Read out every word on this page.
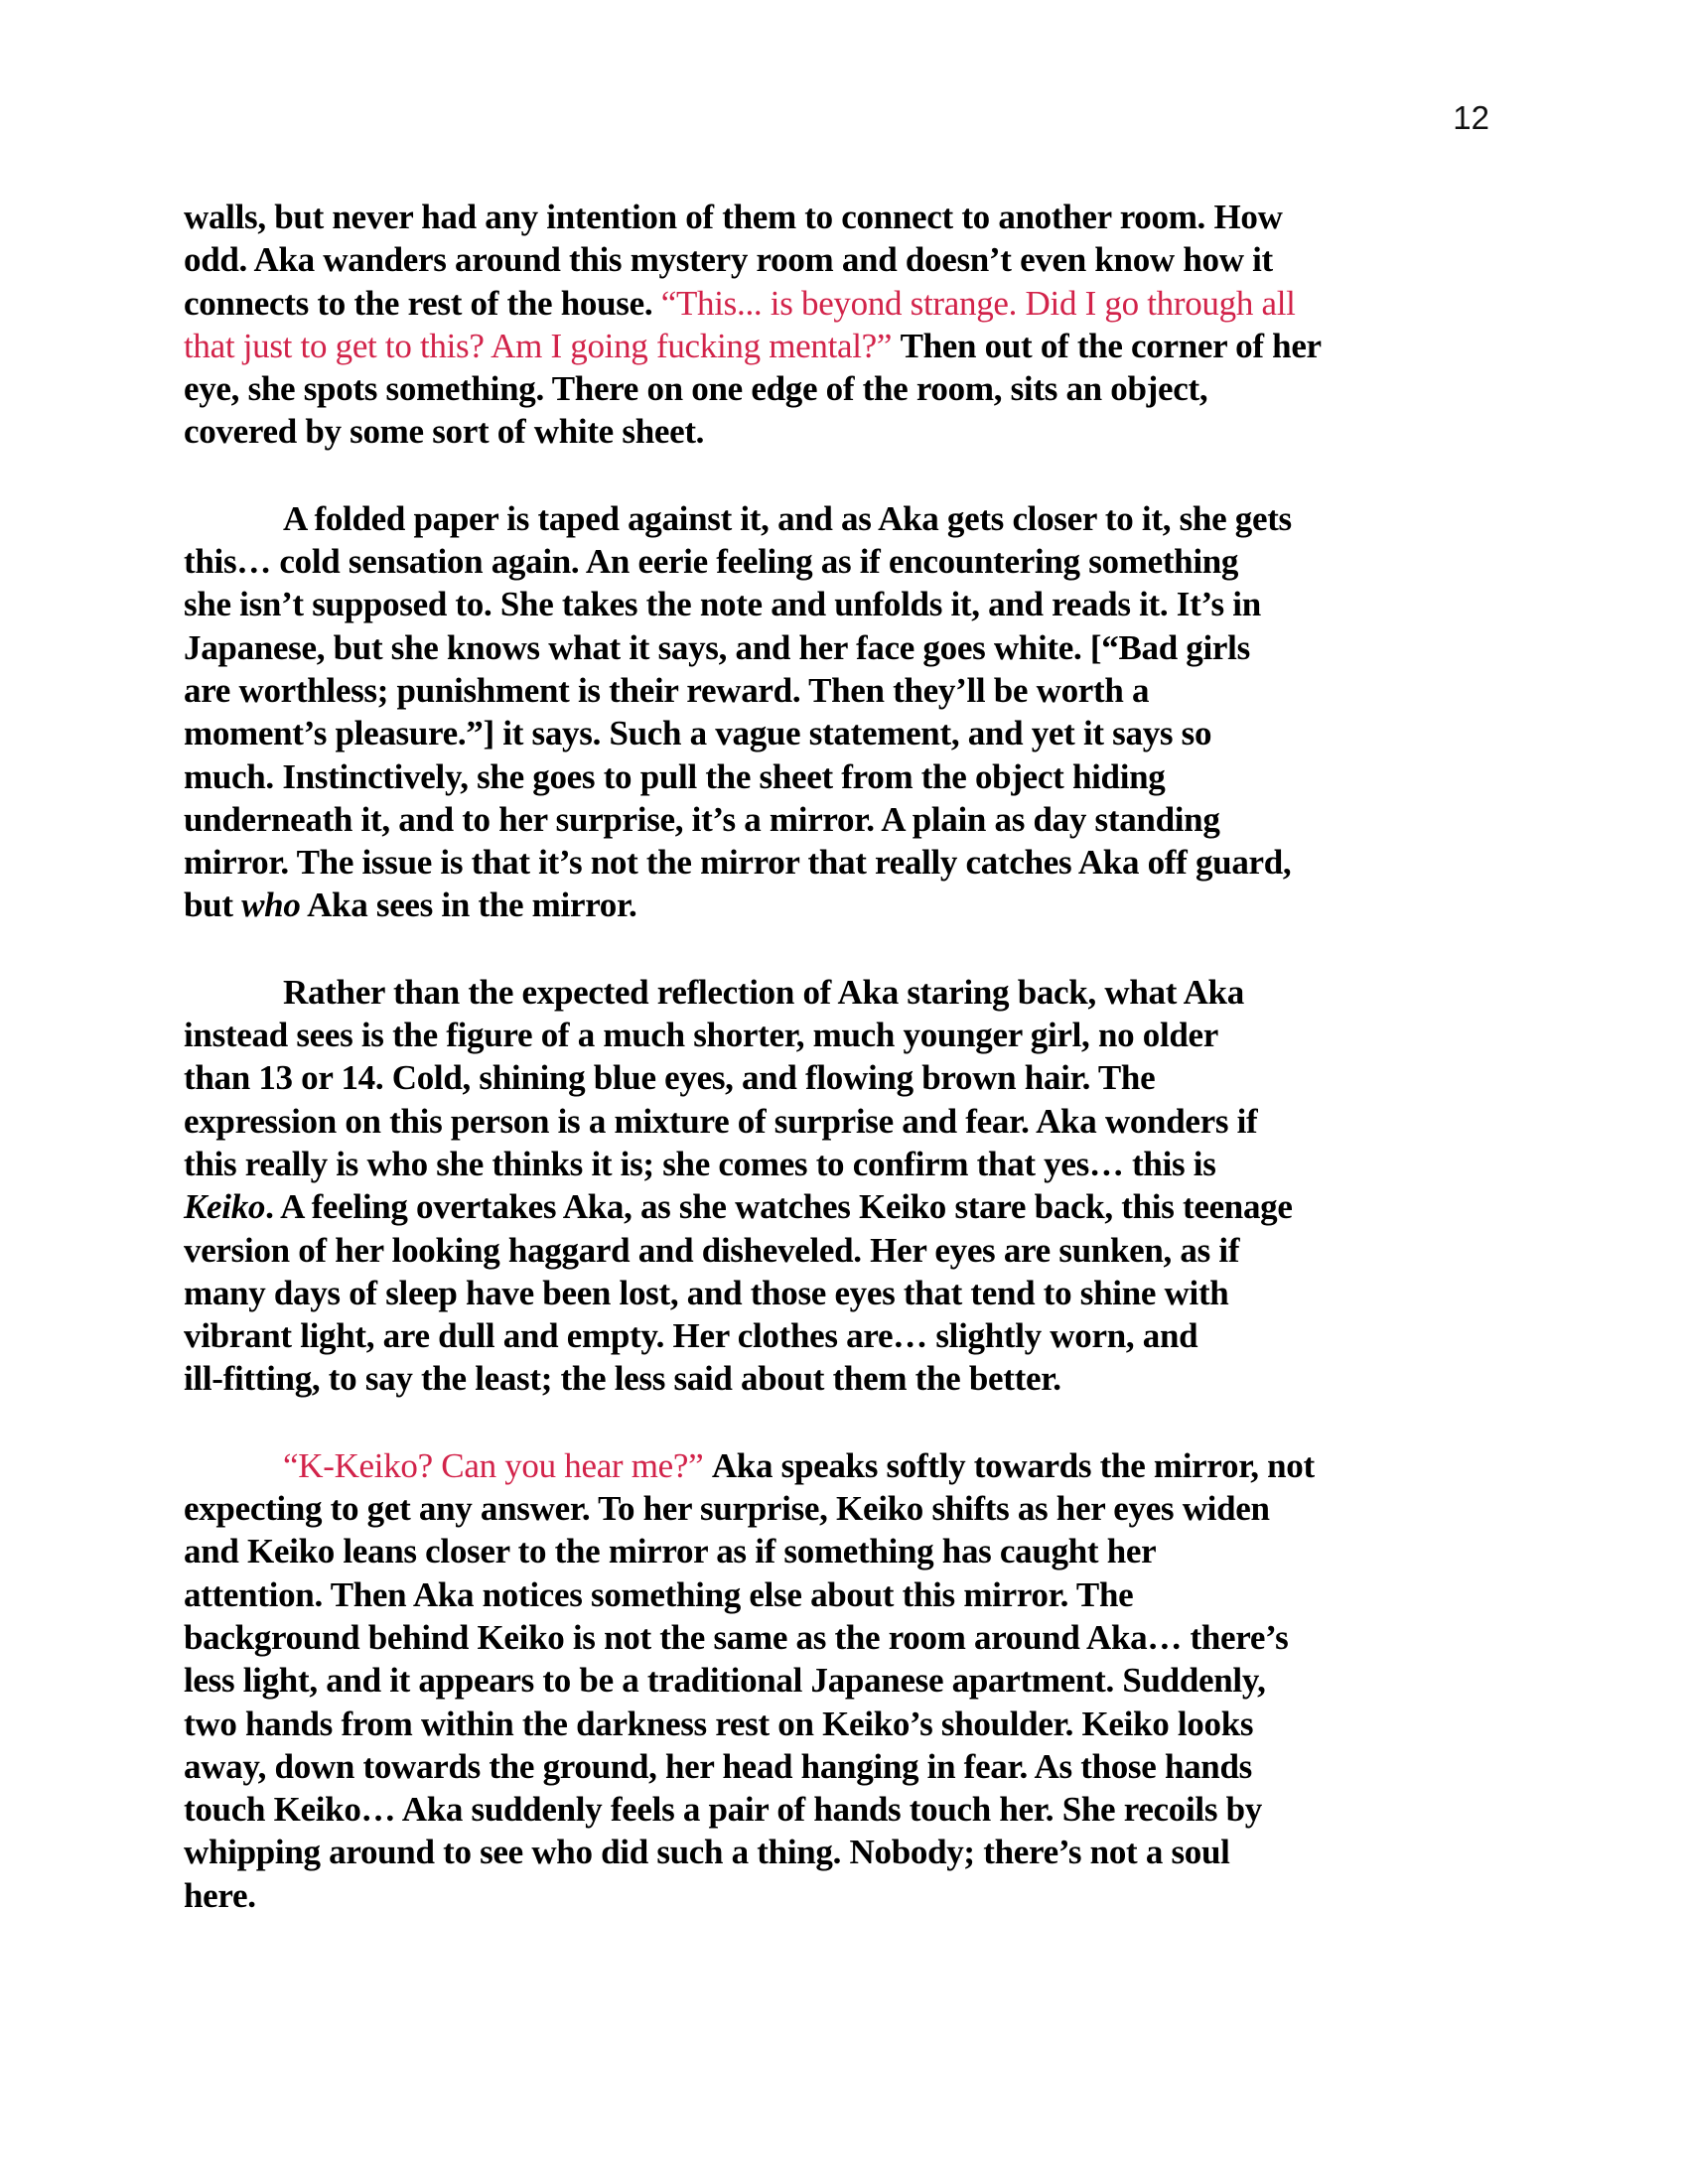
12
walls, but never had any intention of them to connect to another room. How
odd. Aka wanders around this mystery room and doesn’t even know how it
connects to the rest of the house. “This... is beyond strange. Did I go through all
that just to get to this? Am I going fucking mental?” Then out of the corner of her
eye, she spots something. There on one edge of the room, sits an object,
covered by some sort of white sheet.
A folded paper is taped against it, and as Aka gets closer to it, she gets
this… cold sensation again. An eerie feeling as if encountering something
she isn’t supposed to. She takes the note and unfolds it, and reads it. It’s in
Japanese, but she knows what it says, and her face goes white. [“Bad girls
are worthless; punishment is their reward. Then they’ll be worth a
moment’s pleasure.”] it says. Such a vague statement, and yet it says so
much. Instinctively, she goes to pull the sheet from the object hiding
underneath it, and to her surprise, it’s a mirror. A plain as day standing
mirror. The issue is that it’s not the mirror that really catches Aka off guard,
but who Aka sees in the mirror.
Rather than the expected reflection of Aka staring back, what Aka
instead sees is the figure of a much shorter, much younger girl, no older
than 13 or 14. Cold, shining blue eyes, and flowing brown hair. The
expression on this person is a mixture of surprise and fear. Aka wonders if
this really is who she thinks it is; she comes to confirm that yes… this is
Keiko. A feeling overtakes Aka, as she watches Keiko stare back, this teenage
version of her looking haggard and disheveled. Her eyes are sunken, as if
many days of sleep have been lost, and those eyes that tend to shine with
vibrant light, are dull and empty. Her clothes are… slightly worn, and
ill-fitting, to say the least; the less said about them the better.
“K-Keiko? Can you hear me?” Aka speaks softly towards the mirror, not
expecting to get any answer. To her surprise, Keiko shifts as her eyes widen
and Keiko leans closer to the mirror as if something has caught her
attention. Then Aka notices something else about this mirror. The
background behind Keiko is not the same as the room around Aka… there’s
less light, and it appears to be a traditional Japanese apartment. Suddenly,
two hands from within the darkness rest on Keiko’s shoulder. Keiko looks
away, down towards the ground, her head hanging in fear. As those hands
touch Keiko… Aka suddenly feels a pair of hands touch her. She recoils by
whipping around to see who did such a thing. Nobody; there’s not a soul
here.
